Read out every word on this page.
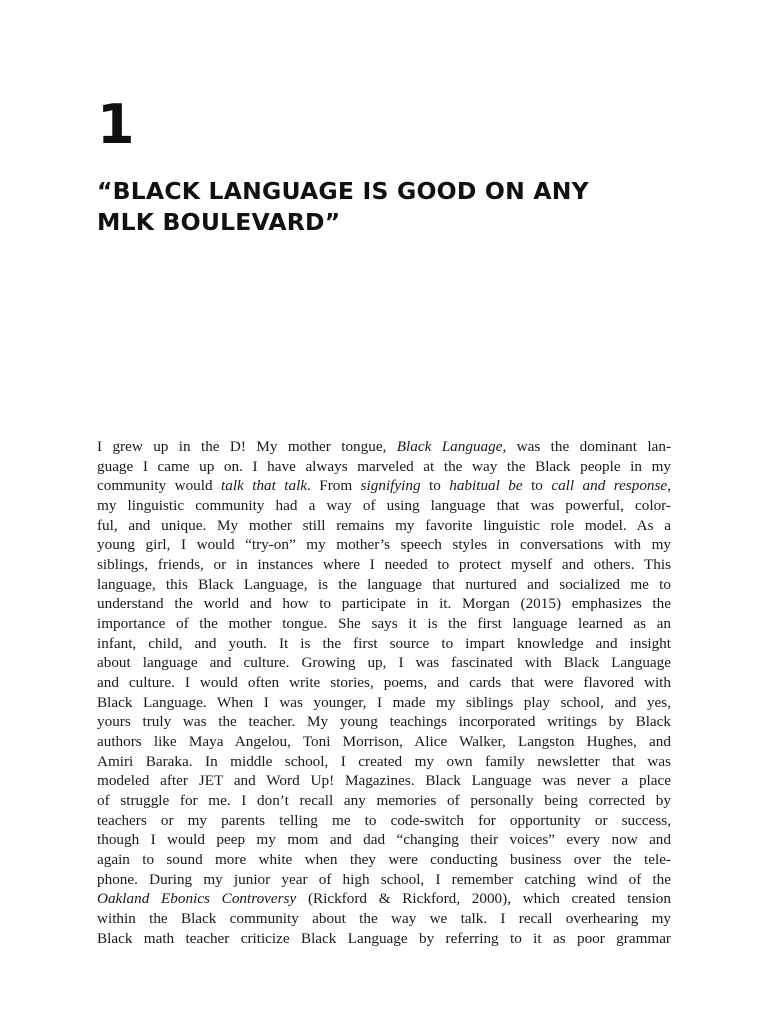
1
“BLACK LANGUAGE IS GOOD ON ANY
MLK BOULEVARD”
I grew up in the D! My mother tongue, Black Language, was the dominant lan-
guage I came up on. I have always marveled at the way the Black people in my
community would talk that talk. From signifying to habitual be to call and response,
my linguistic community had a way of using language that was powerful, color-
ful, and unique. My mother still remains my favorite linguistic role model. As a
young girl, I would “try-on” my mother’s speech styles in conversations with my
siblings, friends, or in instances where I needed to protect myself and others. This
language, this Black Language, is the language that nurtured and socialized me to
understand the world and how to participate in it. Morgan (2015) emphasizes the
importance of the mother tongue. She says it is the first language learned as an
infant, child, and youth. It is the first source to impart knowledge and insight
about language and culture. Growing up, I was fascinated with Black Language
and culture. I would often write stories, poems, and cards that were flavored with
Black Language. When I was younger, I made my siblings play school, and yes,
yours truly was the teacher. My young teachings incorporated writings by Black
authors like Maya Angelou, Toni Morrison, Alice Walker, Langston Hughes, and
Amiri Baraka. In middle school, I created my own family newsletter that was
modeled after JET and Word Up! Magazines. Black Language was never a place
of struggle for me. I don’t recall any memories of personally being corrected by
teachers or my parents telling me to code-switch for opportunity or success,
though I would peep my mom and dad “changing their voices” every now and
again to sound more white when they were conducting business over the tele-
phone. During my junior year of high school, I remember catching wind of the
Oakland Ebonics Controversy (Rickford & Rickford, 2000), which created tension
within the Black community about the way we talk. I recall overhearing my
Black math teacher criticize Black Language by referring to it as poor grammar
